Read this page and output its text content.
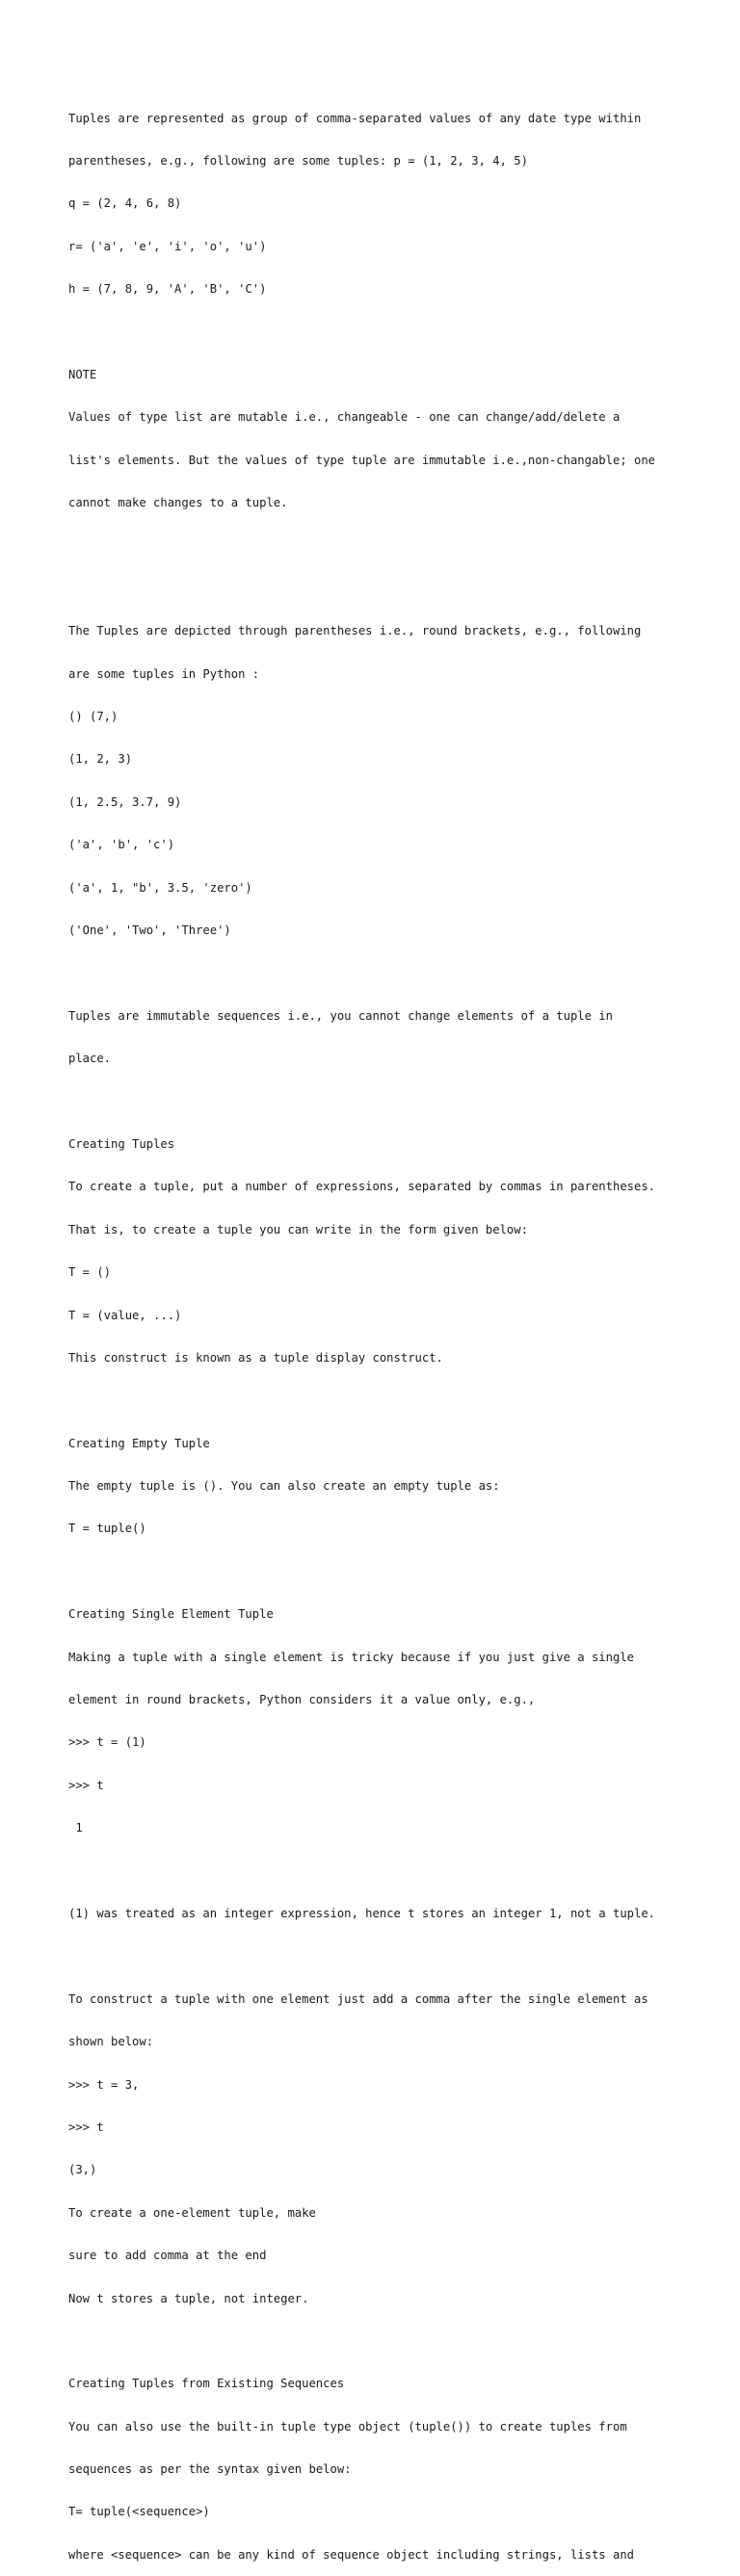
Tuples are represented as group of comma-separated values of any date type within

parentheses, e.g., following are some tuples: p = (1, 2, 3, 4, 5)

q = (2, 4, 6, 8)

r= ('a', 'e', 'i', 'o', 'u')

h = (7, 8, 9, 'A', 'B', 'C')

NOTE

Values of type list are mutable i.e., changeable - one can change/add/delete a

list's elements. But the values of type tuple are immutable i.e.,non-changable; one

cannot make changes to a tuple.

The Tuples are depicted through parentheses i.e., round brackets, e.g., following

are some tuples in Python :

() (7,)

(1, 2, 3)

(1, 2.5, 3.7, 9)

('a', 'b', 'c')

('a', 1, "b', 3.5, 'zero')

('One', 'Two', 'Three')

Tuples are immutable sequences i.e., you cannot change elements of a tuple in

place.

Creating Tuples

To create a tuple, put a number of expressions, separated by commas in parentheses.

That is, to create a tuple you can write in the form given below:

T = ()

T = (value, ...)

This construct is known as a tuple display construct.

Creating Empty Tuple

The empty tuple is (). You can also create an empty tuple as:

T = tuple()

Creating Single Element Tuple

Making a tuple with a single element is tricky because if you just give a single

element in round brackets, Python considers it a value only, e.g.,

>>> t = (1)

>>> t

1

(1) was treated as an integer expression, hence t stores an integer 1, not a tuple.

To construct a tuple with one element just add a comma after the single element as

shown below:

>>> t = 3,

>>> t

(3,)

To create a one-element tuple, make

sure to add comma at the end

Now t stores a tuple, not integer.

Creating Tuples from Existing Sequences

You can also use the built-in tuple type object (tuple()) to create tuples from

sequences as per the syntax given below:

T= tuple(<sequence>)

where <sequence> can be any kind of sequence object including strings, lists and
